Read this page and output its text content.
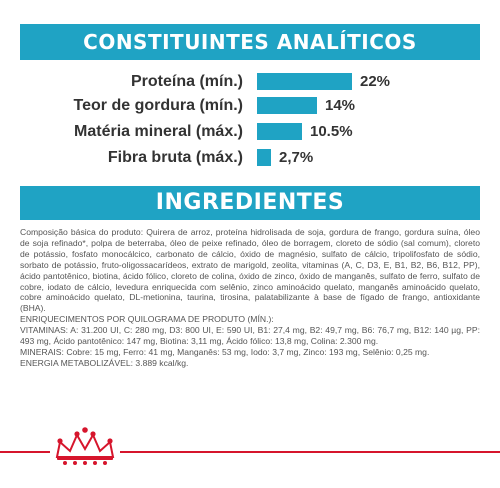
CONSTITUINTES ANALÍTICOS
Proteína (mín.)	22%
Teor de gordura (mín.)	14%
Matéria mineral (máx.)	10.5%
Fibra bruta (máx.) 2,7%
INGREDIENTES

Composição básica do produto: Quirera de arroz, proteína hidrolisada de soja, gordura de frango, gordura suína, óleo de soja refinado*, polpa de beterraba, óleo de peixe refinado, óleo de borragem, cloreto de sódio (sal comum), cloreto de potássio, fosfato monocálcico, carbonato de cálcio, óxido de magnésio, sulfato de cálcio, tripolifosfato de sódio, sorbato de potássio, fruto-oligossacarídeos, extrato de marigold, zeolita, vitaminas (A, C, D3, E, B1, B2, B6, B12, PP), ácido pantotênico, biotina, ácido fólico, cloreto de colina, óxido de zinco, óxido de manganês, sulfato de ferro, sulfato de cobre, iodato de cálcio, levedura enriquecida com selênio, zinco aminoácido quelato, manganês aminoácido quelato, cobre aminoácido quelato, DL-metionina, taurina, tirosina, palatabilizante à base de fígado de frango, antioxidante (BHA).

ENRIQUECIMENTOS POR QUILOGRAMA DE PRODUTO (MÍN.):

VITAMINAS: A: 31.200 UI, C: 280 mg, D3: 800 UI, E: 590 UI, B1: 27,4 mg, B2: 49,7 mg, B6: 76,7 mg, B12: 140 µg, PP: 493 mg, Ácido pantotênico: 147 mg, Biotina: 3,11 mg, Ácido fólico: 13,8 mg, Colina: 2.300 mg.

MINERAIS: Cobre: 15 mg, Ferro: 41 mg, Manganês: 53 mg, Iodo: 3,7 mg, Zinco: 193 mg, Selênio: 0,25 mg.

ENERGIA METABOLIZÁVEL: 3.889 kcal/kg.
